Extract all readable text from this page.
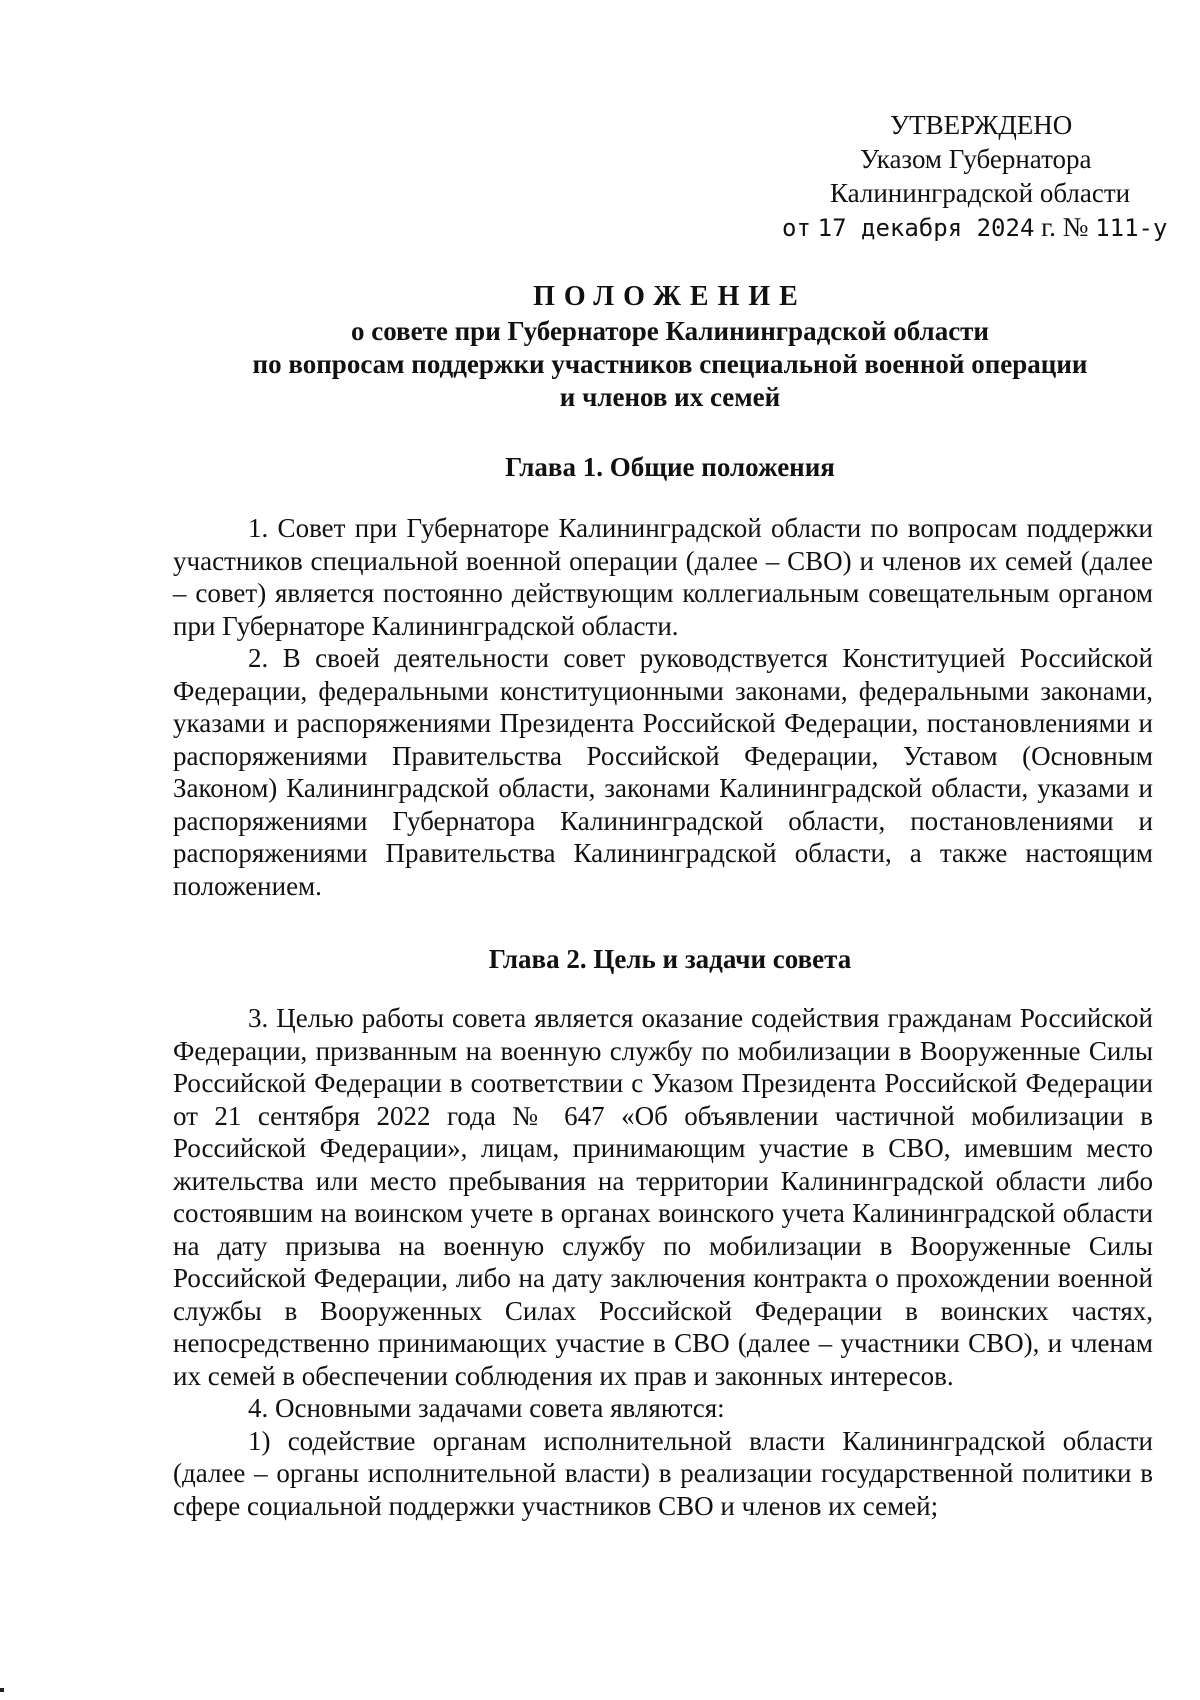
УТВЕРЖДЕНО
Указом Губернатора
Калининградской области
от 17 декабря 2024 г. № 111-у
ПОЛОЖЕНИЕ
о совете при Губернаторе Калининградской области
по вопросам поддержки участников специальной военной операции
и членов их семей
Глава 1. Общие положения

1. Совет при Губернаторе Калининградской области по вопросам поддержки участников специальной военной операции (далее – СВО) и членов их семей (далее – совет) является постоянно действующим коллегиальным совещательным органом при Губернаторе Калининградской области.

2. В своей деятельности совет руководствуется Конституцией Российской Федерации, федеральными конституционными законами, федеральными законами, указами и распоряжениями Президента Российской Федерации, постановлениями и распоряжениями Правительства Российской Федерации, Уставом (Основным Законом) Калининградской области, законами Калининградской области, указами и распоряжениями Губернатора Калининградской области, постановлениями и распоряжениями Правительства Калининградской области, а также настоящим положением.

Глава 2. Цель и задачи совета

3. Целью работы совета является оказание содействия гражданам Российской Федерации, призванным на военную службу по мобилизации в Вооруженные Силы Российской Федерации в соответствии с Указом Президента Российской Федерации от 21 сентября 2022 года № 647 «Об объявлении частичной мобилизации в Российской Федерации», лицам, принимающим участие в СВО, имевшим место жительства или место пребывания на территории Калининградской области либо состоявшим на воинском учете в органах воинского учета Калининградской области на дату призыва на военную службу по мобилизации в Вооруженные Силы Российской Федерации, либо на дату заключения контракта о прохождении военной службы в Вооруженных Силах Российской Федерации в воинских частях, непосредственно принимающих участие в СВО (далее – участники СВО), и членам их семей в обеспечении соблюдения их прав и законных интересов.

4. Основными задачами совета являются:

1) содействие органам исполнительной власти Калининградской области (далее – органы исполнительной власти) в реализации государственной политики в сфере социальной поддержки участников СВО и членов их семей;
